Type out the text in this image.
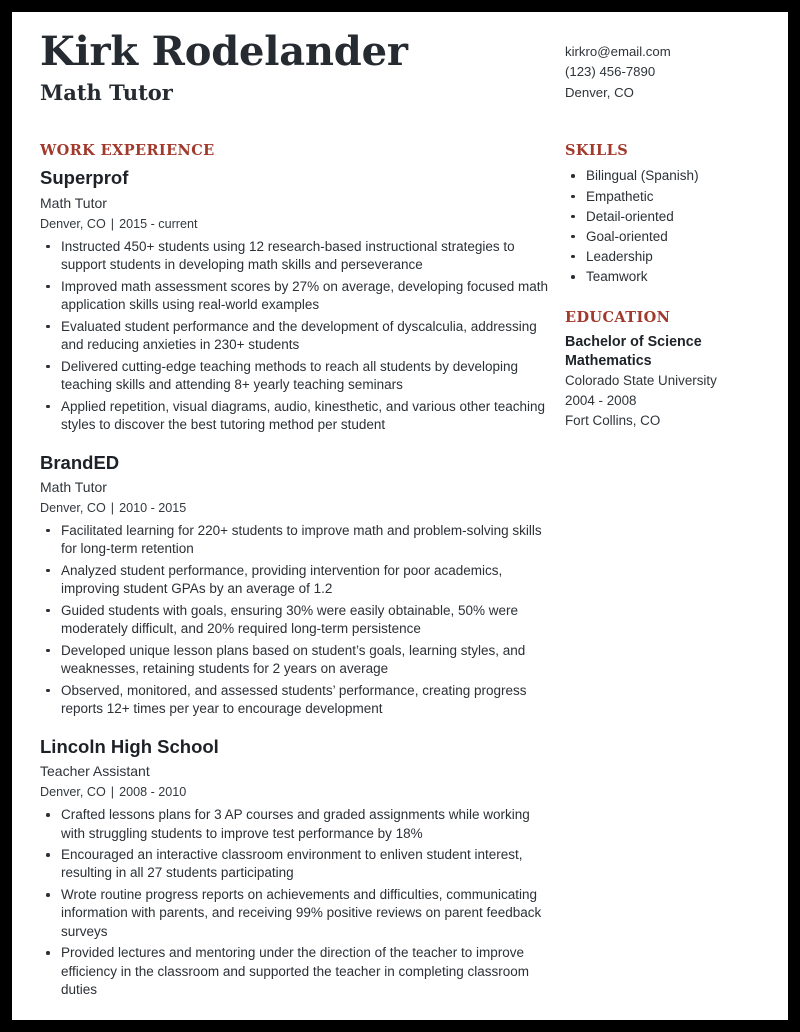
Kirk Rodelander
Math Tutor
kirkro@email.com
(123) 456-7890
Denver, CO
WORK EXPERIENCE
Superprof
Math Tutor
Denver, CO | 2015 - current
Instructed 450+ students using 12 research-based instructional strategies to support students in developing math skills and perseverance
Improved math assessment scores by 27% on average, developing focused math application skills using real-world examples
Evaluated student performance and the development of dyscalculia, addressing and reducing anxieties in 230+ students
Delivered cutting-edge teaching methods to reach all students by developing teaching skills and attending 8+ yearly teaching seminars
Applied repetition, visual diagrams, audio, kinesthetic, and various other teaching styles to discover the best tutoring method per student
BrandED
Math Tutor
Denver, CO | 2010 - 2015
Facilitated learning for 220+ students to improve math and problem-solving skills for long-term retention
Analyzed student performance, providing intervention for poor academics, improving student GPAs by an average of 1.2
Guided students with goals, ensuring 30% were easily obtainable, 50% were moderately difficult, and 20% required long-term persistence
Developed unique lesson plans based on student’s goals, learning styles, and weaknesses, retaining students for 2 years on average
Observed, monitored, and assessed students’ performance, creating progress reports 12+ times per year to encourage development
Lincoln High School
Teacher Assistant
Denver, CO | 2008 - 2010
Crafted lessons plans for 3 AP courses and graded assignments while working with struggling students to improve test performance by 18%
Encouraged an interactive classroom environment to enliven student interest, resulting in all 27 students participating
Wrote routine progress reports on achievements and difficulties, communicating information with parents, and receiving 99% positive reviews on parent feedback surveys
Provided lectures and mentoring under the direction of the teacher to improve efficiency in the classroom and supported the teacher in completing classroom duties
SKILLS
Bilingual (Spanish)
Empathetic
Detail-oriented
Goal-oriented
Leadership
Teamwork
EDUCATION
Bachelor of Science
Mathematics
Colorado State University
2004 - 2008
Fort Collins, CO
